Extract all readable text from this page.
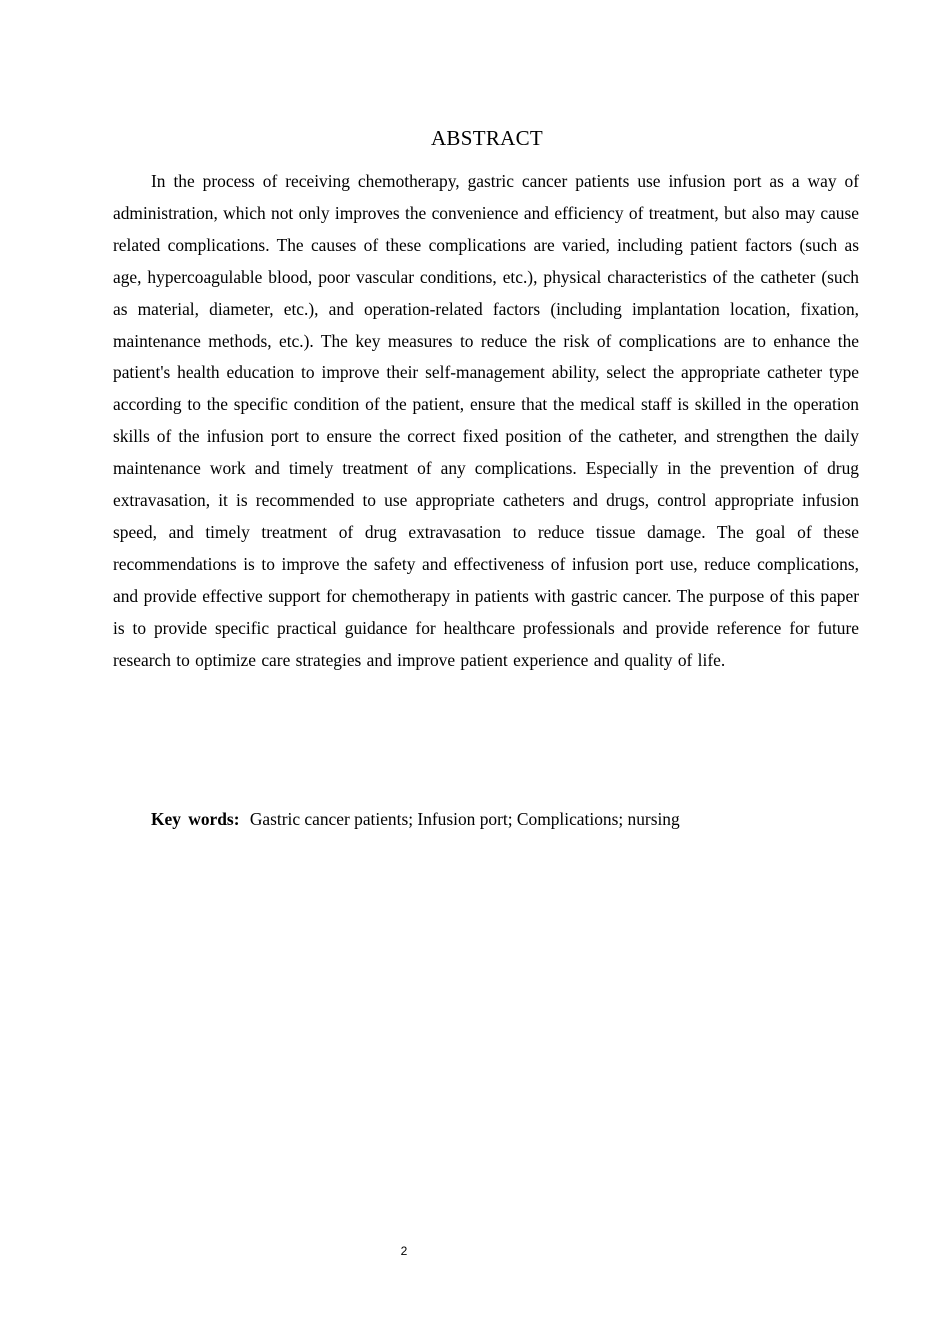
ABSTRACT

In the process of receiving chemotherapy, gastric cancer patients use infusion port as a way of administration, which not only improves the convenience and efficiency of treatment, but also may cause related complications. The causes of these complications are varied, including patient factors (such as age, hypercoagulable blood, poor vascular conditions, etc.), physical characteristics of the catheter (such as material, diameter, etc.), and operation-related factors (including implantation location, fixation, maintenance methods, etc.). The key measures to reduce the risk of complications are to enhance the patient's health education to improve their self-management ability, select the appropriate catheter type according to the specific condition of the patient, ensure that the medical staff is skilled in the operation skills of the infusion port to ensure the correct fixed position of the catheter, and strengthen the daily maintenance work and timely treatment of any complications. Especially in the prevention of drug extravasation, it is recommended to use appropriate catheters and drugs, control appropriate infusion speed, and timely treatment of drug extravasation to reduce tissue damage. The goal of these recommendations is to improve the safety and effectiveness of infusion port use, reduce complications, and provide effective support for chemotherapy in patients with gastric cancer. The purpose of this paper is to provide specific practical guidance for healthcare professionals and provide reference for future research to optimize care strategies and improve patient experience and quality of life.

Key words: Gastric cancer patients; Infusion port; Complications; nursing

2
